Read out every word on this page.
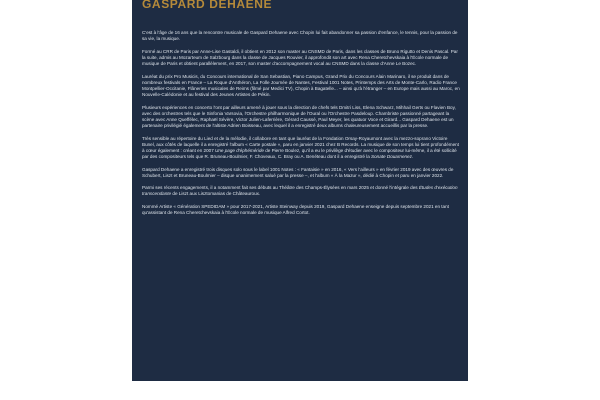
GASPARD DEHAENE

C'est à l'âge de 16 ans que la rencontre musicale de Gaspard Dehaene avec Chopin lui fait abandonner sa passion d'enfance, le tennis, pour la passion de sa vie, la musique.

Formé au CRR de Paris par Anne-Lise Gastaldi, il obtient en 2012 son master au CNSMD de Paris, dans les classes de Bruno Rigutto et Denis Pascal. Par la suite, admis au Mozarteum de Salzbourg dans la classe de Jacques Rouvier, il approfondit son art avec Rena Cheretchevskaia à l'École normale de musique de Paris et obtient parallèlement, en 2017, son master d'accompagnement vocal au CNSMD dans la classe d'Anne Le Bozec.

Lauréat du prix Pro Musicis, du Concours international de San Sebastian, Piano Campus, Grand Prix du Concours Alain Marinaro, il se produit dans de nombreux festivals en France – La Roque d'Anthéron, La Folle Journée de Nantes, Festival 1001 Notes, Printemps des Arts de Monte-Carlo, Radio France Montpellier-Occitanie, Flâneries musicales de Reims (filmé par Medici TV), Chopin à Bagatelle... – ainsi qu'à l'étranger – en Europe mais aussi au Maroc, en Nouvelle-Calédonie et au festival des Jeunes Artistes de Pékin.

Plusieurs expériences en concerto l'ont par ailleurs amené à jouer sous la direction de chefs tels Dmitri Liss, Elena Schwarz, Mihhail Gerts ou Flavien Boy, avec des orchestres tels que le Sinfonia Varsovia, l'Orchestre philharmonique de l'Oural ou l'Orchestre Pasdeloup. Chambriste passionné partageant la scène avec Anne Queffélec, Raphaël Sévère, Victor Julien-Laferrière, Gérard Caussé, Paul Meyer, les quatuor Voce et Girard... Gaspard Dehaene est un partenaire privilégié également de l'altiste Adrien Boisseau, avec lequel il a enregistré deux albums chaleureusement accueillis par la presse.

Très sensible au répertoire du Lied et de la mélodie, il collabore en tant que lauréat de la Fondation Orsay-Royaumont avec la mezzo-soprano Victoire Bunel, aux côtés de laquelle il a enregistré l'album « Carte postale », paru en janvier 2021 chez B Records. La musique de son temps lui tient profondément à cœur également : créant en 2007 Une page d'éphéméride de Pierre Boulez, qu'il a eu le privilège d'étudier avec le compositeur lui-même, il a été sollicité par des compositeurs tels que R. Bruneau-Boulmier, F. Choveaux, C. Bray ou A. Benéteau dont il a enregistré la Sonate Douarnenez.

Gaspard Dehaene a enregistré trois disques solo sous le label 1001 Notes : « Fantaisie » en 2016, « Vers l'ailleurs » en février 2019 avec des œuvres de Schubert, Liszt et Bruneau-Boulmier – disque unanimement salué par la presse –, et l'album « À la Mazur », dédié à Chopin et paru en janvier 2022.

Parmi ses récents engagements, il a notamment fait ses débuts au Théâtre des Champs-Élysées en mars 2025 et donné l'intégrale des Études d'exécution transcendante de Liszt aux Lisztomanias de Châteauroux.

Nommé Artiste « Génération SPEDIDAM » pour 2017-2021, Artiste Steinway depuis 2019, Gaspard Dehaene enseigne depuis septembre 2021 en tant qu'assistant de Rena Cheretchevskaia à l'École normale de musique Alfred Cortot.
